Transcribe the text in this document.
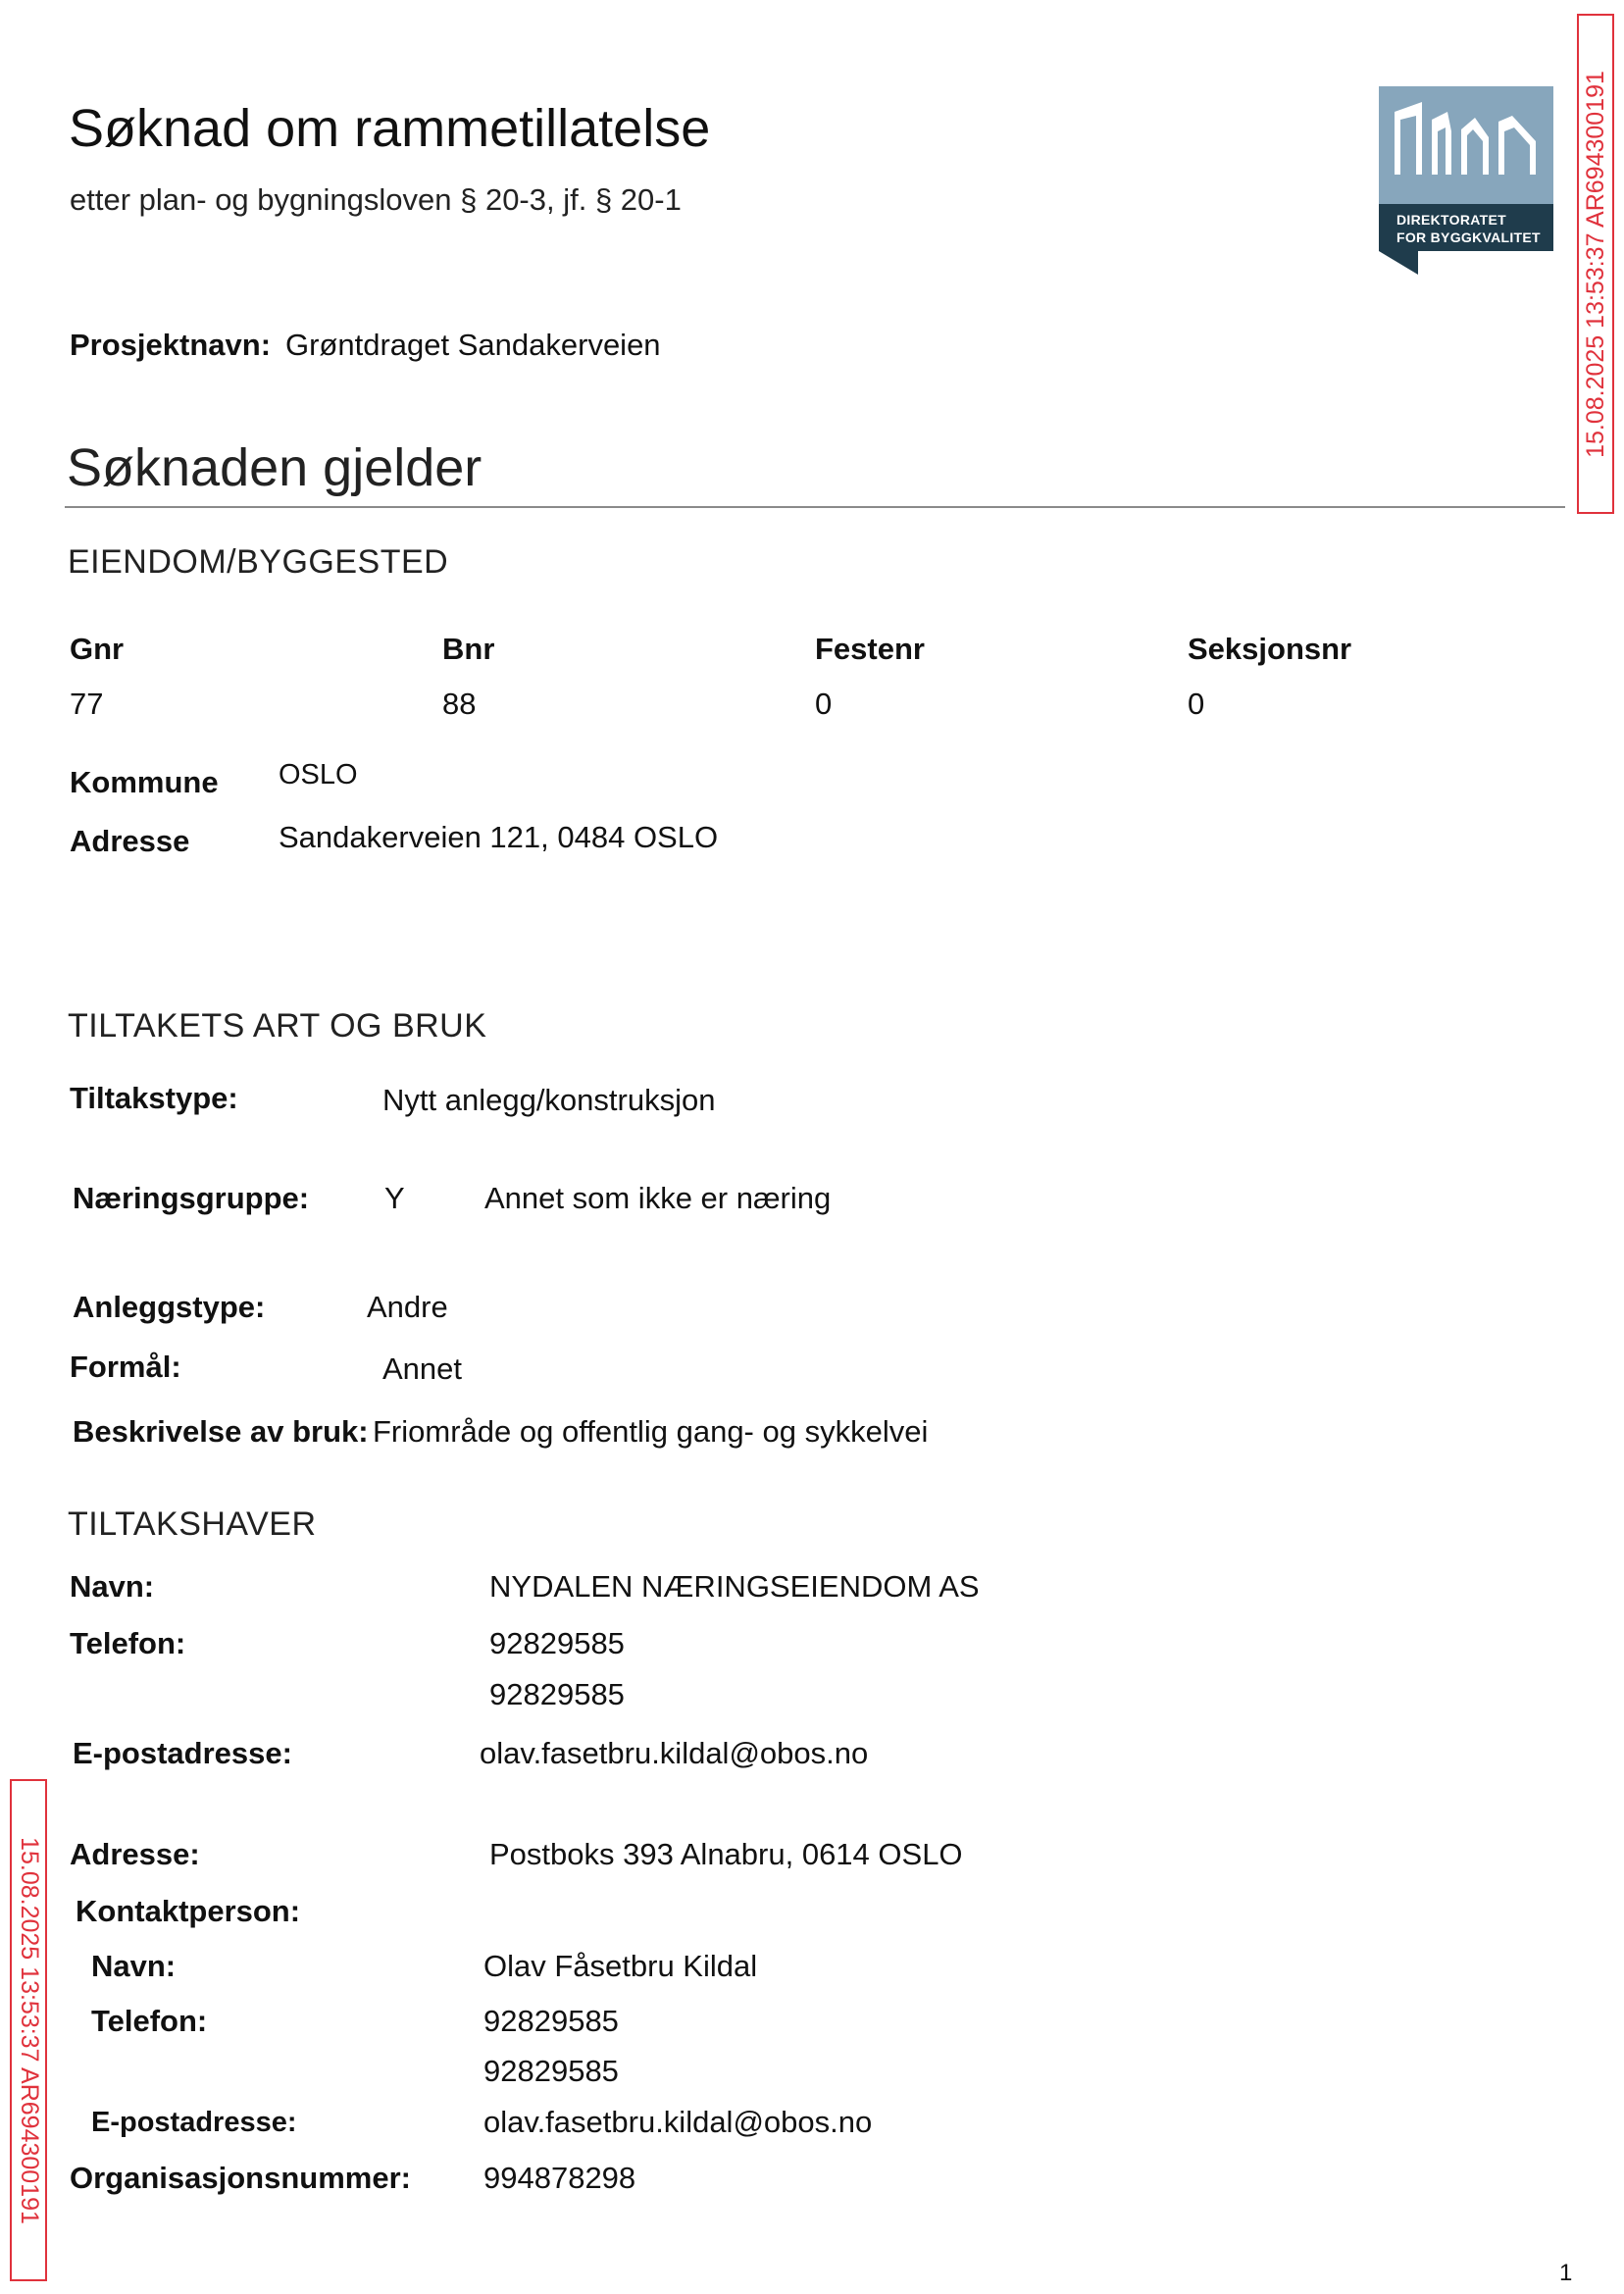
Søknad om rammetillatelse
etter plan- og bygningsloven § 20-3, jf. § 20-1
DIREKTORATET
FOR BYGGKVALITET
Prosjektnavn: Grøntdraget Sandakerveien
Søknaden gjelder
EIENDOM/BYGGESTED
Gnr	Bnr	Festenr	Seksjonsnr
77	88	0	0
Kommune OSLO
Adresse	Sandakerveien 121, 0484 OSLO
TILTAKETS ART OG BRUK
Tiltakstype:	Nytt anlegg/konstruksjon
Næringsgruppe: Y	Annet som ikke er næring
Anleggstype:	Andre
Formål:	Annet
Beskrivelse av bruk: Friområde og offentlig gang- og sykkelvei
TILTAKSHAVER
Navn:	NYDALEN NÆRINGSEIENDOM AS
Telefon:	92829585
92829585
E-postadresse:	olav.fasetbru.kildal@obos.no
Adresse:	Postboks 393 Alnabru, 0614 OSLO
Kontaktperson:
Navn:	Olav Fåsetbru Kildal
Telefon:	92829585
92829585
E-postadresse:	olav.fasetbru.kildal@obos.no
Organisasjonsnummer: 994878298
15.08.2025 13:53:37 AR694300191
15.08.2025 13:53:37 AR694300191
1
